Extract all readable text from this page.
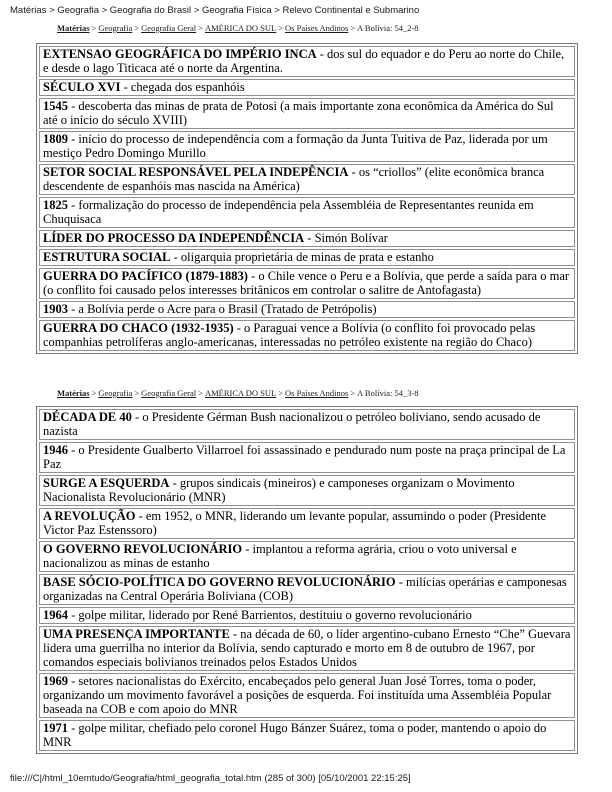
Matérias > Geografia > Geografia do Brasil > Geografia Física > Relevo Continental e Submarino
Matérias > Geografia > Geografia Geral > AMÉRICA DO SUL > Os Países Andinos > A Bolívia: 54_2-8
EXTENSAO GEOGRÁFICA DO IMPÉRIO INCA - dos sul do equador e do Peru ao norte do Chile, e desde o lago Titicaca até o norte da Argentina.
SÉCULO XVI - chegada dos espanhóis
1545 - descoberta das minas de prata de Potosi (a mais importante zona econômica da América do Sul até o início do século XVIII)
1809 - início do processo de independência com a formação da Junta Tuitiva de Paz, liderada por um mestiço Pedro Domingo Murillo
SETOR SOCIAL RESPONSÁVEL PELA INDEPÊNCIA - os “criollos” (elite econômica branca descendente de espanhóis mas nascida na América)
1825 - formalização do processo de independência pela Assembléia de Representantes reunida em Chuquisaca
LÍDER DO PROCESSO DA INDEPENDÊNCIA - Simón Bolívar
ESTRUTURA SOCIAL - oligarquia proprietária de minas de prata e estanho
GUERRA DO PACÍFICO (1879-1883) - o Chile vence o Peru e a Bolívia, que perde a saída para o mar (o conflito foi causado pelos interesses britânicos em controlar o salitre de Antofagasta)
1903 - a Bolívia perde o Acre para o Brasil (Tratado de Petrópolis)
GUERRA DO CHACO (1932-1935) - o Paraguai vence a Bolívia (o conflito foi provocado pelas companhias petrolíferas anglo-americanas, interessadas no petróleo existente na região do Chaco)
Matérias > Geografia > Geografia Geral > AMÉRICA DO SUL > Os Países Andinos > A Bolívia: 54_3-8
DÉCADA DE 40 - o Presidente Gérman Bush nacionalizou o petróleo boliviano, sendo acusado de nazista
1946 - o Presidente Gualberto Villarroel foi assassinado e pendurado num poste na praça principal de La Paz
SURGE A ESQUERDA - grupos sindicais (mineiros) e camponeses organizam o Movimento Nacionalista Revolucionário (MNR)
A REVOLUÇÃO - em 1952, o MNR, liderando um levante popular, assumindo o poder (Presidente Victor Paz Estenssoro)
O GOVERNO REVOLUCIONÁRIO - implantou a reforma agrária, criou o voto universal e nacionalizou as minas de estanho
BASE SÓCIO-POLÍTICA DO GOVERNO REVOLUCIONÁRIO - milícias operárias e camponesas organizadas na Central Operária Boliviana (COB)
1964 - golpe militar, liderado por René Barrientos, destituiu o governo revolucionário
UMA PRESENÇA IMPORTANTE - na década de 60, o líder argentino-cubano Ernesto “Che” Guevara lidera uma guerrilha no interior da Bolívia, sendo capturado e morto em 8 de outubro de 1967, por comandos especiais bolivianos treinados pelos Estados Unidos
1969 - setores nacionalistas do Exército, encabeçados pelo general Juan José Torres, toma o poder, organizando um movimento favorável a posições de esquerda. Foi instituída uma Assembléia Popular baseada na COB e com apoio do MNR
1971 - golpe militar, chefiado pelo coronel Hugo Bánzer Suárez, toma o poder, mantendo o apoio do MNR
file:///C|/html_10emtudo/Geografia/html_geografia_total.htm (285 of 300) [05/10/2001 22:15:25]
